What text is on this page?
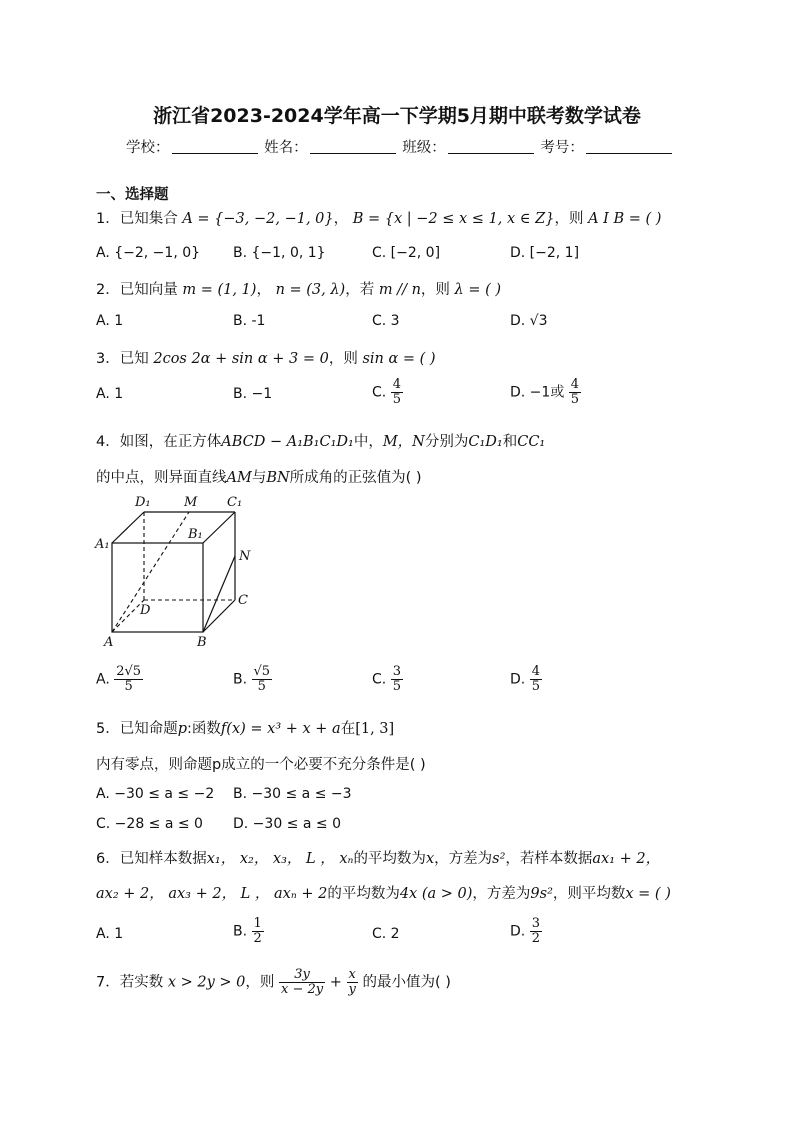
浙江省2023-2024学年高一下学期5月期中联考数学试卷
学校：	姓名：	班级：	考号：
一、选择题
1．已知集合 A = {−3, −2, −1, 0}， B = {x | −2 ≤ x ≤ 1, x ∈ Z}，则 A I B = ( )
A. {−2, −1, 0} B. {−1, 0, 1}	C. [−2, 0]	D. [−2, 1]
2．已知向量 m = (1, 1)， n = (3, λ)，若 m // n，则 λ = ( )
A. 1	B. -1	C. 3	D. √3
3．已知 2cos 2α + sin α + 3 = 0，则 sin α = ( )
A. 1	B. −1	C. $\frac{4}{5}$	D. −1或 $\frac{4}{5}$
4．如图，在正方体ABCD − A₁B₁C₁D₁中，M，N分别为C₁D₁和CC₁
的中点，则异面直线AM与BN所成角的正弦值为( )
D₁	M C₁
B₁
A₁
N
D
C
A	B
A. $\frac{2√5}{5}$	B. $\frac{√5}{5}$	C. $\frac{3}{5}$	D. $\frac{4}{5}$
5．已知命题p:函数f(x) = x³ + x + a在[1, 3]
内有零点，则命题p成立的一个必要不充分条件是( )
A. −30 ≤ a ≤ −2 B. −30 ≤ a ≤ −3
C. −28 ≤ a ≤ 0 D. −30 ≤ a ≤ 0
6．已知样本数据x₁， x₂， x₃， L ， xₙ的平均数为x，方差为s²，若样本数据ax₁ + 2，
ax₂ + 2， ax₃ + 2， L ， axₙ + 2的平均数为4x (a > 0)，方差为9s²，则平均数x = ( )
A. 1	B. $\frac{1}{2}$	C. 2	D. $\frac{3}{2}$
7．若实数 x > 2y > 0，则 $\frac{3y}{x - 2y} + \frac{x}{y}$ 的最小值为( )
